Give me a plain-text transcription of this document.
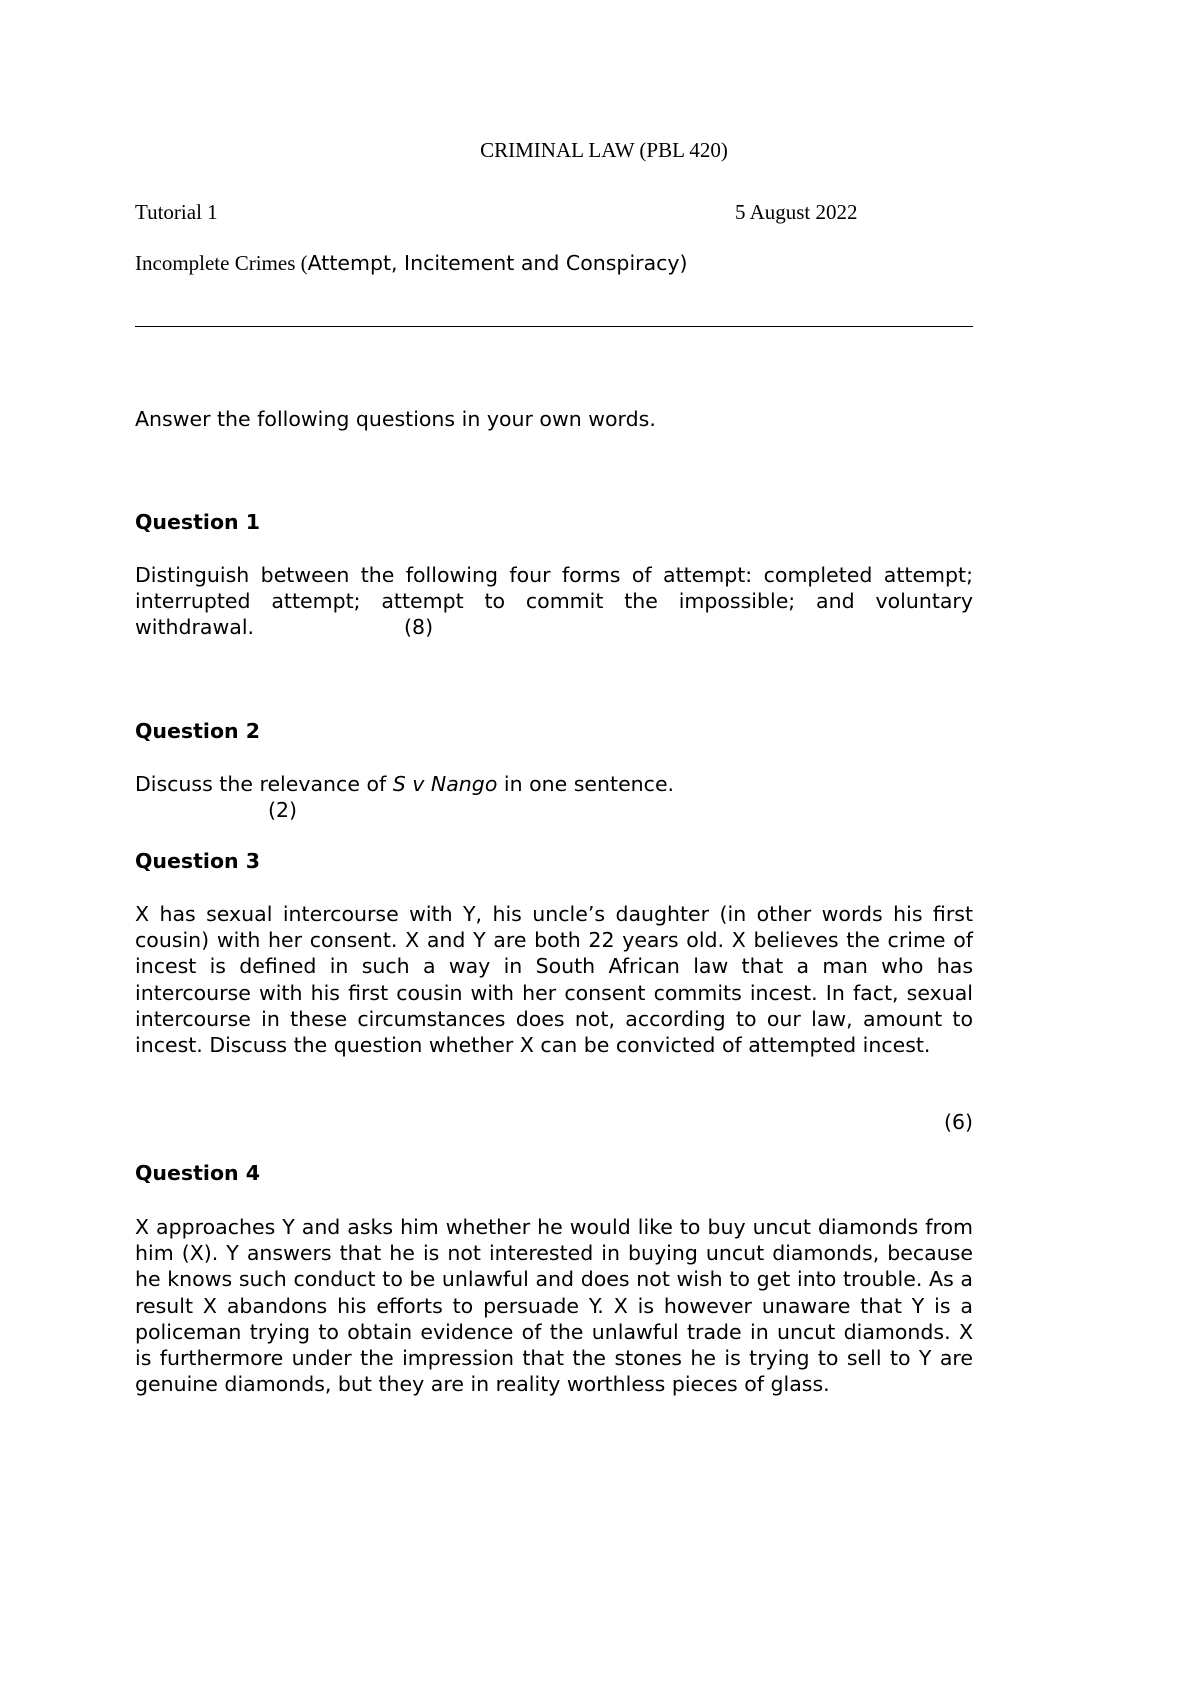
CRIMINAL LAW (PBL 420)
Tutorial 1	5 August 2022
Incomplete Crimes (Attempt, Incitement and Conspiracy)
Answer the following questions in your own words.
Question 1
Distinguish between the following four forms of attempt: completed attempt; interrupted attempt; attempt to commit the impossible; and voluntary withdrawal.	(8)
Question 2
Discuss the relevance of S v Nango in one sentence.
(2)
Question 3
X has sexual intercourse with Y, his uncle’s daughter (in other words his first cousin) with her consent. X and Y are both 22 years old. X believes the crime of incest is defined in such a way in South African law that a man who has intercourse with his first cousin with her consent commits incest. In fact, sexual intercourse in these circumstances does not, according to our law, amount to incest. Discuss the question whether X can be convicted of attempted incest.
(6)
Question 4
X approaches Y and asks him whether he would like to buy uncut diamonds from him (X). Y answers that he is not interested in buying uncut diamonds, because he knows such conduct to be unlawful and does not wish to get into trouble. As a result X abandons his efforts to persuade Y. X is however unaware that Y is a policeman trying to obtain evidence of the unlawful trade in uncut diamonds. X is furthermore under the impression that the stones he is trying to sell to Y are genuine diamonds, but they are in reality worthless pieces of glass.
